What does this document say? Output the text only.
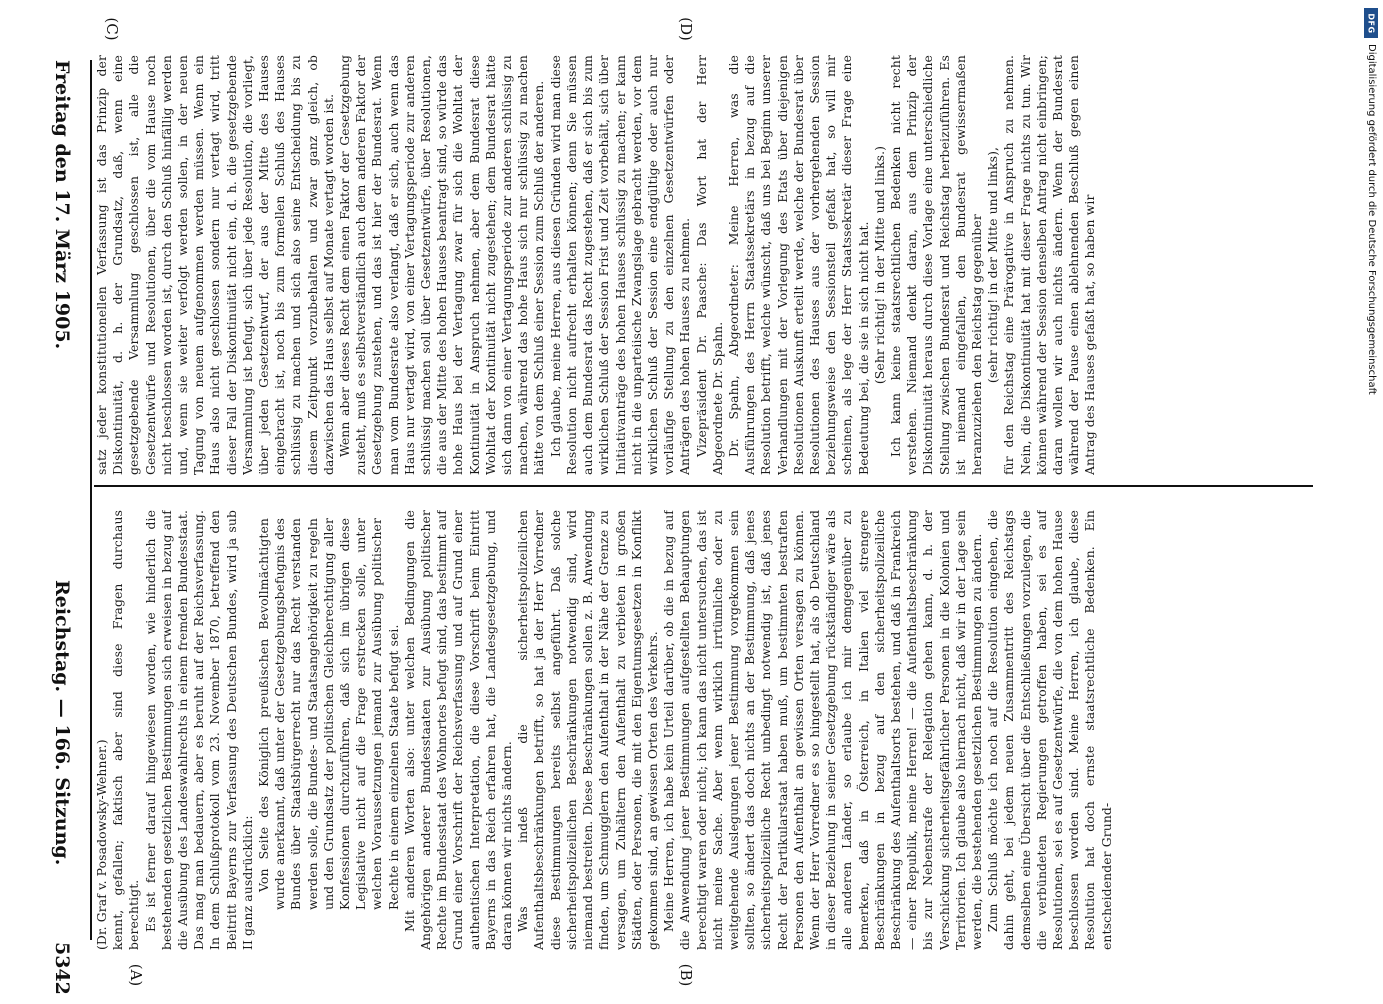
5342
Reichstag. — 166. Sitzung.
Freitag den 17. März 1905.
(A)	(B)
(C)	(D)

(Dr. Graf v. Posadowsky-Wehner.) kennt, gefallen; faktisch aber sind diese Fragen durchaus berechtigt. Es ist ferner darauf hingewiesen worden, wie hinderlich die bestehenden gesetzlichen Bestimmungen sich erweisen in bezug auf die Ausübung des Landeswahlrechts in einem fremden Bundesstaat. Das mag man bedauern, aber es beruht auf der Reichsverfassung. In dem Schlußprotokoll vom 23. November 1870, betreffend den Beitritt Bayerns zur Verfassung des Deutschen Bundes, wird ja sub II ganz ausdrücklich: Von Seite des Königlich preußischen Bevollmächtigten wurde anerkannt, daß unter der Gesetzgebungsbefugnis des Bundes über Staatsbürgerrecht nur das Recht verstanden werden solle, die Bundes- und Staatsangehörigkeit zu regeln und den Grundsatz der politischen Gleichberechtigung aller Konfessionen durchzuführen, daß sich im übrigen diese Legislative nicht auf die Frage erstrecken solle, unter welchen Voraussetzungen jemand zur Ausübung politischer Rechte in einem einzelnen Staate befugt sei. Mit anderen Worten also: unter welchen Bedingungen die Angehörigen anderer Bundesstaaten zur Ausübung politischer Rechte im Bundesstaat des Wohnortes befugt sind, das bestimmt auf Grund einer Vorschrift der Reichsverfassung und auf Grund einer authentischen Interpretation, die diese Vorschrift beim Eintritt Bayerns in das Reich erfahren hat, die Landesgesetzgebung, und daran können wir nichts ändern. Was indeß die sicherheitspolizeilichen Aufenthaltsbeschränkungen betrifft, so hat ja der Herr Vorredner diese Bestimmungen bereits selbst angeführt. Daß solche sicherheitspolizeilichen Beschränkungen notwendig sind, wird niemand bestreiten. Diese Beschränkungen sollen z. B. Anwendung finden, um Schmugglern den Aufenthalt in der Nähe der Grenze zu versagen, um Zuhältern den Aufenthalt zu verbieten in großen Städten, oder Personen, die mit den Eigentumsgesetzen in Konflikt gekommen sind, an gewissen Orten des Verkehrs. Meine Herren, ich habe kein Urteil darüber, ob die in bezug auf die Anwendung jener Bestimmungen aufgestellten Behauptungen berechtigt waren oder nicht; ich kann das nicht untersuchen, das ist nicht meine Sache. Aber wenn wirklich irrtümliche oder zu weitgehende Auslegungen jener Bestimmung vorgekommen sein sollten, so ändert das doch nichts an der Bestimmung, daß jenes sicherheitspolizeiliche Recht unbedingt notwendig ist, daß jenes Recht der Partikularstaat haben muß, um bestimmten bestraften Personen den Aufenthalt an gewissen Orten versagen zu können. Wenn der Herr Vorredner es so hingestellt hat, als ob Deutschland in dieser Beziehung in seiner Gesetzgebung rückständiger wäre als alle anderen Länder, so erlaube ich mir demgegenüber zu bemerken, daß in Österreich, in Italien viel strengere Beschränkungen in bezug auf den sicherheitspolizeiliche Beschränkung des Aufenthaltsorts bestehen, und daß in Frankreich — einer Republik, meine Herren! — die Aufenthaltsbeschränkung bis zur Nebenstrafe der Relegation gehen kann, d. h. der Verschickung sicherheitsgefährlicher Personen in die Kolonien und Territorien. Ich glaube also hiernach nicht, daß wir in der Lage sein werden, die bestehenden gesetzlichen Bestimmungen zu ändern. Zum Schluß möchte ich noch auf die Resolution eingehen, die dahin geht, bei jedem neuen Zusammentritt des Reichstags demselben eine Übersicht über die Entschließungen vorzulegen, die die verbündeten Regierungen getroffen haben, sei es auf Resolutionen, sei es auf Gesetzentwürfe, die von dem hohen Hause beschlossen worden sind. Meine Herren, ich glaube, diese Resolution hat doch ernste staatsrechtliche Bedenken. Ein entscheidender Grund-

satz jeder konstitutionellen Verfassung ist das Prinzip der Diskontinuität, d. h. der Grundsatz, daß, wenn eine gesetzgebende Versammlung geschlossen ist, alle die Gesetzentwürfe und Resolutionen, über die vom Hause noch nicht beschlossen worden ist, durch den Schluß hinfällig werden und, wenn sie weiter verfolgt werden sollen, in der neuen Tagung von neuem aufgenommen werden müssen. Wenn ein Haus also nicht geschlossen sondern nur vertagt wird, tritt dieser Fall der Diskontinuität nicht ein, d. h. die gesetzgebende Versammlung ist befugt, sich über jede Resolution, die vorliegt, über jeden Gesetzentwurf, der aus der Mitte des Hauses eingebracht ist, noch bis zum formellen Schluß des Hauses schlüssig zu machen und sich also seine Entscheidung bis zu diesem Zeitpunkt vorzubehalten und zwar ganz gleich, ob dazwischen das Haus selbst auf Monate vertagt worden ist. Wenn aber dieses Recht dem einen Faktor der Gesetzgebung zusteht, muß es selbstverständlich auch dem anderen Faktor der Gesetzgebung zustehen, und das ist hier der Bundesrat. Wenn man vom Bundesrate also verlangt, daß er sich, auch wenn das Haus nur vertagt wird, von einer Vertagungsperiode zur anderen schlüssig machen soll über Gesetzentwürfe, über Resolutionen, die aus der Mitte des hohen Hauses beantragt sind, so würde das hohe Haus bei der Vertagung zwar für sich die Wohltat der Kontinuität in Anspruch nehmen, aber dem Bundesrat diese Wohltat der Kontinuität nicht zugestehen; dem Bundesrat hätte sich dann von einer Vertagungsperiode zur anderen schlüssig zu machen, während das hohe Haus sich nur schlüssig zu machen hätte von dem Schluß einer Session zum Schluß der anderen. Ich glaube, meine Herren, aus diesen Gründen wird man diese Resolution nicht aufrecht erhalten können; denn Sie müssen auch dem Bundesrat das Recht zugestehen, daß er sich bis zum wirklichen Schluß der Session Frist und Zeit vorbehält, sich über Initiativanträge des hohen Hauses schlüssig zu machen; er kann nicht in die unparteiische Zwangslage gebracht werden, vor dem wirklichen Schluß der Session eine endgültige oder auch nur vorläufige Stellung zu den einzelnen Gesetzentwürfen oder Anträgen des hohen Hauses zu nehmen. Vizepräsident Dr. Paasche: Das Wort hat der Herr Abgeordnete Dr. Spahn. Dr. Spahn, Abgeordneter: Meine Herren, was die Ausführungen des Herrn Staatssekretärs in bezug auf die Resolution betrifft, welche wünscht, daß uns bei Beginn unserer Verhandlungen mit der Vorlegung des Etats über diejenigen Resolutionen Auskunft erteilt werde, welche der Bundesrat über Resolutionen des Hauses aus der vorhergehenden Session beziehungsweise den Sessionsteil gefaßt hat, so will mir scheinen, als lege der Herr Staatssekretär dieser Frage eine Bedeutung bei, die sie in sich nicht hat. (Sehr richtig! in der Mitte und links.) Ich kann keine staatsrechtlichen Bedenken nicht recht verstehen. Niemand denkt daran, aus dem Prinzip der Diskontinuität heraus durch diese Vorlage eine unterschiedliche Stellung zwischen Bundesrat und Reichstag herbeizuführen. Es ist niemand eingefallen, den Bundesrat gewissermaßen heranzuziehen den Reichstag gegenüber (sehr richtig! in der Mitte und links), für den Reichstag eine Prärogative in Anspruch zu nehmen. Nein, die Diskontinuität hat mit dieser Frage nichts zu tun. Wir können während der Session denselben Antrag nicht einbringen; daran wollen wir auch nichts ändern. Wenn der Bundesrat während der Pause einen ablehnenden Beschluß gegen einen Antrag des Hauses gefaßt hat, so haben wir

DFG
Digitalisierung gefördert durch die Deutsche Forschungsgemeinschaft
